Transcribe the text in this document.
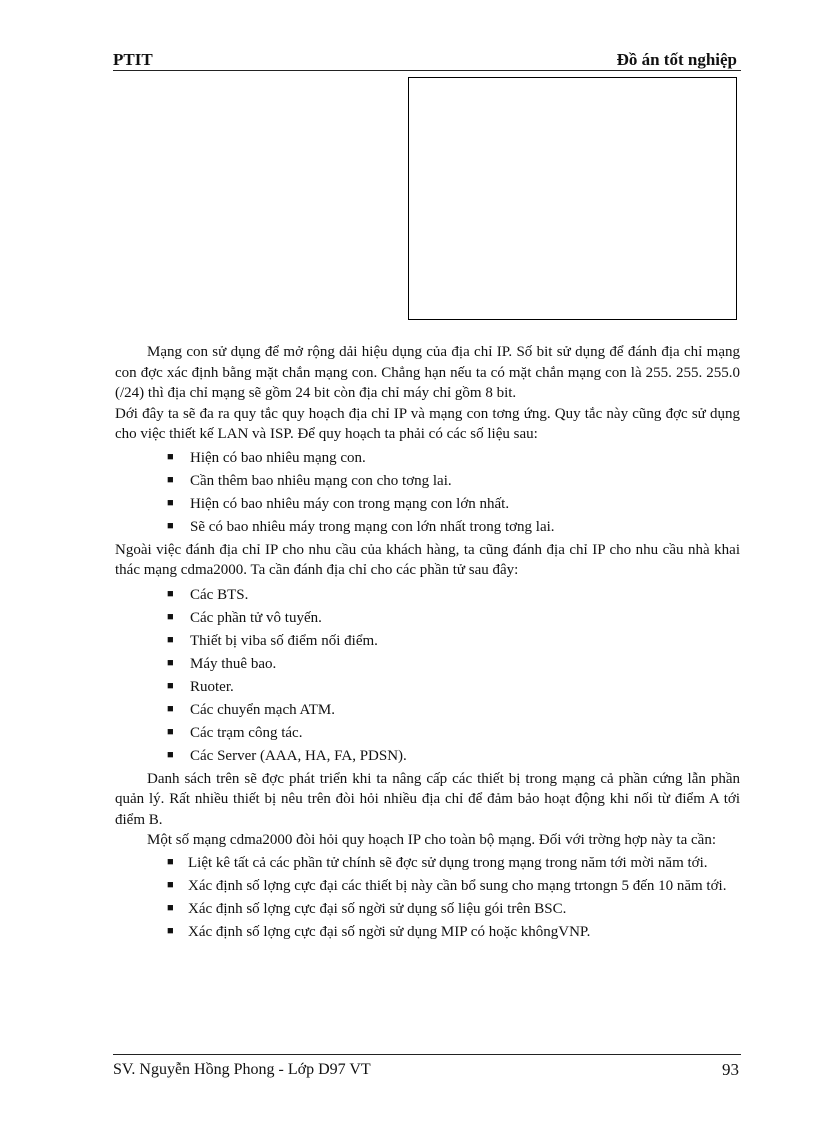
PTIT	Đồ án tốt nghiệp

Mạng con sử dụng để mở rộng dải hiệu dụng của địa chỉ IP. Số bit sử dụng để đánh địa chỉ mạng con đợc xác định bằng mặt chắn mạng con. Chẳng hạn nếu ta có mặt chắn mạng con là 255. 255. 255.0 (/24) thì địa chỉ mạng sẽ gồm 24 bit còn địa chỉ máy chỉ gồm 8 bit.

Dới đây ta sẽ đa ra quy tắc quy hoạch địa chỉ IP và mạng con tơng ứng. Quy tắc này cũng đợc sử dụng cho việc thiết kế LAN và ISP. Để quy hoạch ta phải có các số liệu sau:

■ Hiện có bao nhiêu mạng con.
■ Cần thêm bao nhiêu mạng con cho tơng lai.
■ Hiện có bao nhiêu máy con trong mạng con lớn nhất.
■ Sẽ có bao nhiêu máy trong mạng con lớn nhất trong tơng lai.

Ngoài việc đánh địa chỉ IP cho nhu cầu của khách hàng, ta cũng đánh địa chỉ IP cho nhu cầu nhà khai thác mạng cdma2000. Ta cần đánh địa chỉ cho các phần tử sau đây:

■ Các BTS.
■ Các phần tử vô tuyến.
■ Thiết bị viba số điểm nối điểm.
■ Máy thuê bao.
■ Ruoter.
■ Các chuyển mạch ATM.
■ Các trạm công tác.
■ Các Server (AAA, HA, FA, PDSN).

Danh sách trên sẽ đợc phát triển khi ta nâng cấp các thiết bị trong mạng cả phần cứng lẫn phần quản lý. Rất nhiều thiết bị nêu trên đòi hỏi nhiều địa chỉ để đảm bảo hoạt động khi nối từ điểm A tới điểm B.

Một số mạng cdma2000 đòi hỏi quy hoạch IP cho toàn bộ mạng. Đối với trờng hợp này ta cần:

■ Liệt kê tất cả các phần tử chính sẽ đợc sử dụng trong mạng trong năm tới mời năm tới.
■ Xác định số lợng cực đại các thiết bị này cần bổ sung cho mạng trtongn 5 đến 10 năm tới.
■ Xác định số lợng cực đại số ngời sử dụng số liệu gói trên BSC.
■ Xác định số lợng cực đại số ngời sử dụng MIP có hoặc khôngVNP.
SV. Nguyễn Hồng Phong - Lớp D97 VT	93
